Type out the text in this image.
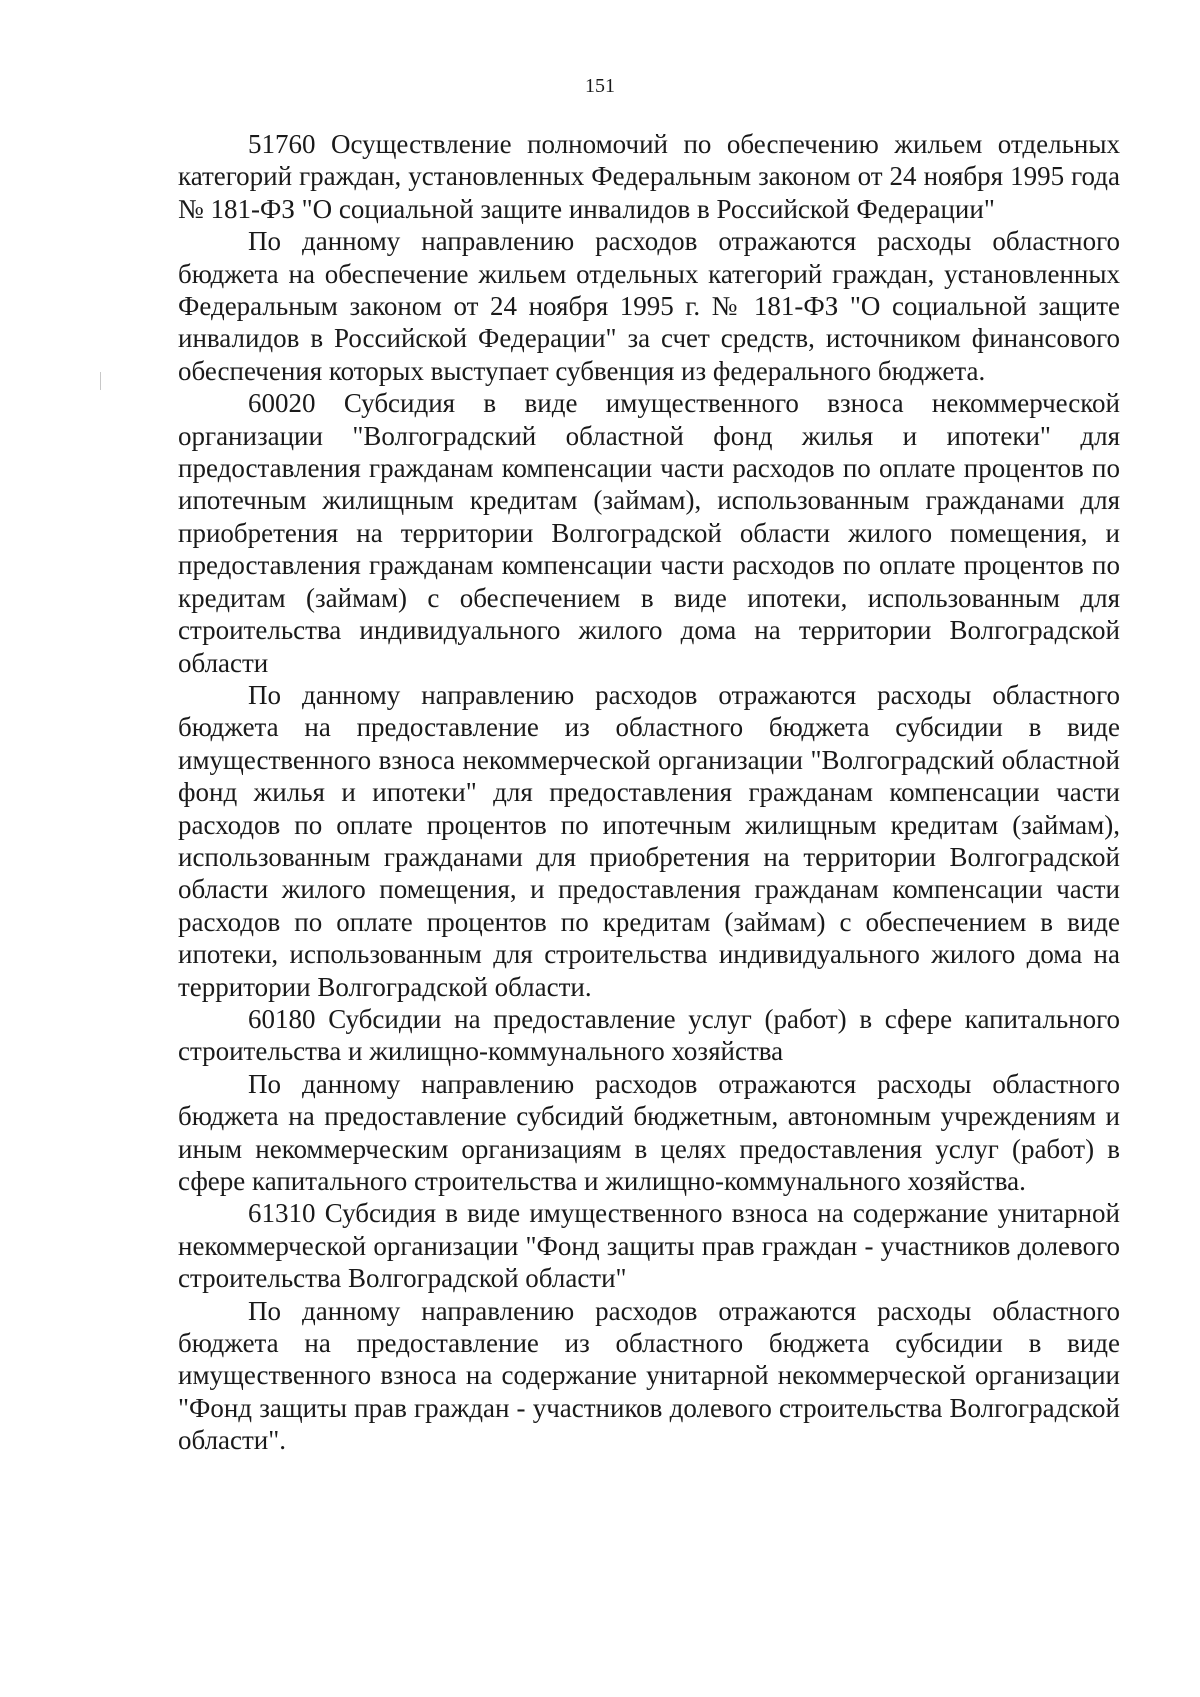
151

51760 Осуществление полномочий по обеспечению жильем отдельных категорий граждан, установленных Федеральным законом от 24 ноября 1995 года № 181-ФЗ "О социальной защите инвалидов в Российской Федерации"

По данному направлению расходов отражаются расходы областного бюджета на обеспечение жильем отдельных категорий граждан, установленных Федеральным законом от 24 ноября 1995 г. № 181-ФЗ "О социальной защите инвалидов в Российской Федерации" за счет средств, источником финансового обеспечения которых выступает субвенция из федерального бюджета.

60020 Субсидия в виде имущественного взноса некоммерческой организации "Волгоградский областной фонд жилья и ипотеки" для предоставления гражданам компенсации части расходов по оплате процентов по ипотечным жилищным кредитам (займам), использованным гражданами для приобретения на территории Волгоградской области жилого помещения, и предоставления гражданам компенсации части расходов по оплате процентов по кредитам (займам) с обеспечением в виде ипотеки, использованным для строительства индивидуального жилого дома на территории Волгоградской области

По данному направлению расходов отражаются расходы областного бюджета на предоставление из областного бюджета субсидии в виде имущественного взноса некоммерческой организации "Волгоградский областной фонд жилья и ипотеки" для предоставления гражданам компенсации части расходов по оплате процентов по ипотечным жилищным кредитам (займам), использованным гражданами для приобретения на территории Волгоградской области жилого помещения, и предоставления гражданам компенсации части расходов по оплате процентов по кредитам (займам) с обеспечением в виде ипотеки, использованным для строительства индивидуального жилого дома на территории Волгоградской области.

60180 Субсидии на предоставление услуг (работ) в сфере капитального строительства и жилищно-коммунального хозяйства

По данному направлению расходов отражаются расходы областного бюджета на предоставление субсидий бюджетным, автономным учреждениям и иным некоммерческим организациям в целях предоставления услуг (работ) в сфере капитального строительства и жилищно-коммунального хозяйства.

61310 Субсидия в виде имущественного взноса на содержание унитарной некоммерческой организации "Фонд защиты прав граждан - участников долевого строительства Волгоградской области"

По данному направлению расходов отражаются расходы областного бюджета на предоставление из областного бюджета субсидии в виде имущественного взноса на содержание унитарной некоммерческой организации "Фонд защиты прав граждан - участников долевого строительства Волгоградской области".
